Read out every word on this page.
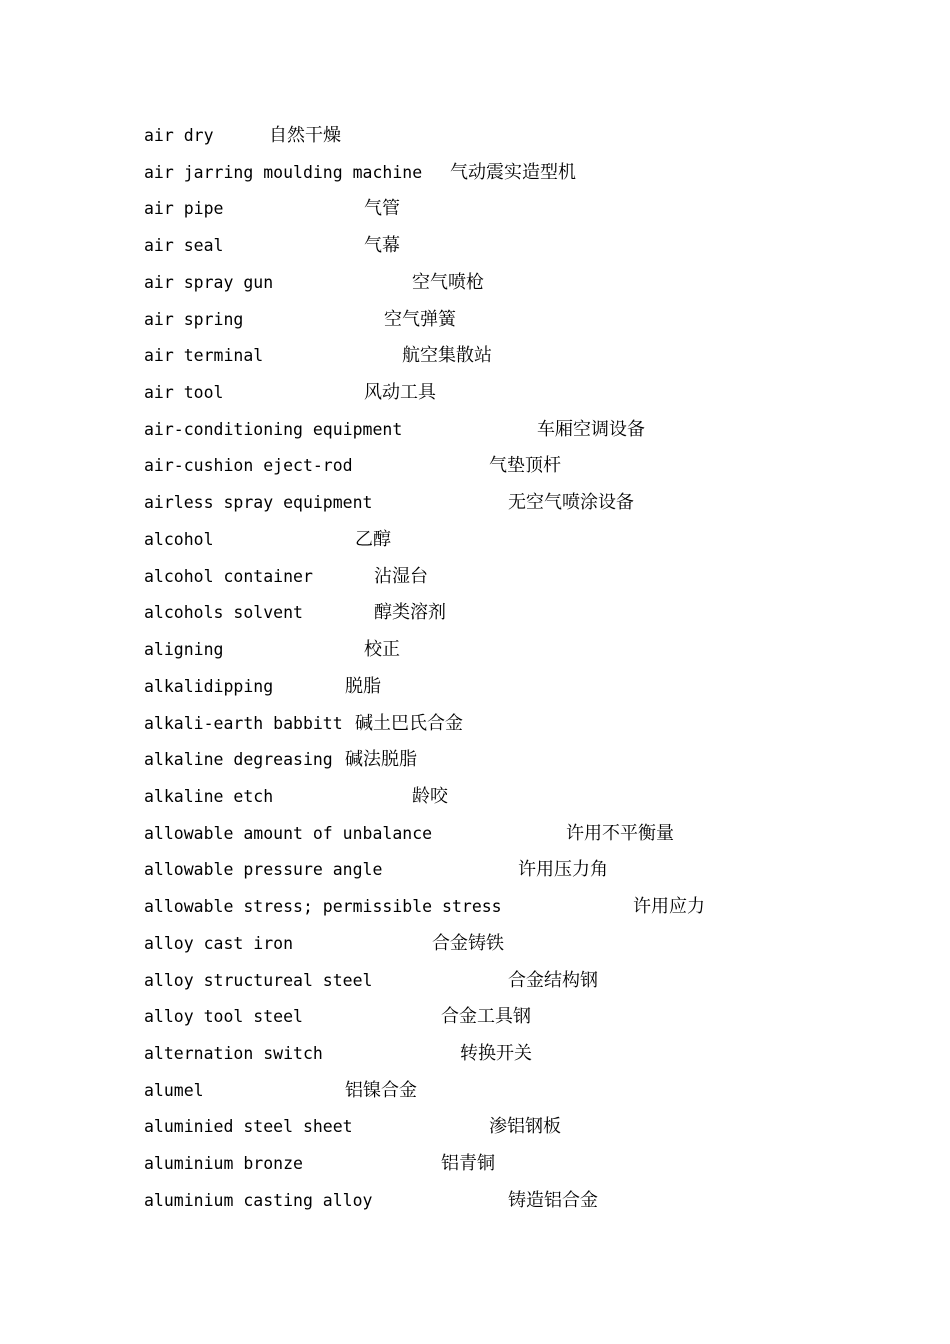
air dry	自然干燥
air jarring moulding machine 气动震实造型机
air pipe	气管
air seal	气幕
air spray gun	空气喷枪
air spring	空气弹簧
air terminal	航空集散站
air tool	风动工具
air-conditioning equipment	车厢空调设备
air-cushion eject-rod	气垫顶杆
airless spray equipment	无空气喷涂设备
alcohol	乙醇
alcohol container	沾湿台
alcohols solvent	醇类溶剂
aligning	校正
alkalidipping	脱脂
alkali-earth babbitt 碱土巴氏合金
alkaline degreasing 碱法脱脂
alkaline etch	龄咬
allowable amount of unbalance	许用不平衡量
allowable pressure angle	许用压力角
allowable stress; permissible stress	许用应力
alloy cast iron	合金铸铁
alloy structureal steel	合金结构钢
alloy tool steel	合金工具钢
alternation switch	转换开关
alumel	铝镍合金
aluminied steel sheet	渗铝钢板
aluminium bronze	铝青铜
aluminium casting alloy	铸造铝合金
